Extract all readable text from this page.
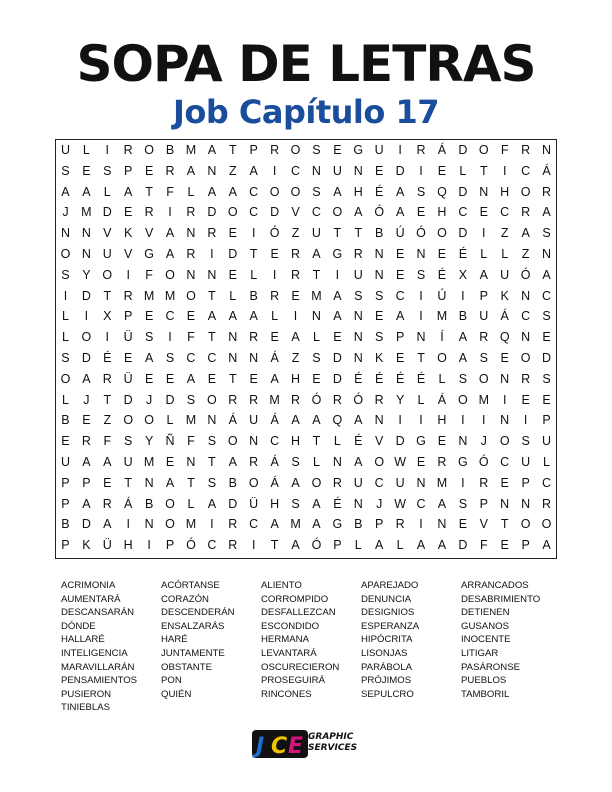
SOPA DE LETRAS
Job Capítulo 17
U	L	I	R O B M A	T	P R O S	E G U	I	R Á D O F	R N
S	E	S	P	E R A N	Z	A	I	C N U N E D	I	E	L	T	I	C Á
A	A	L	A	T	F	L	A	A C O O S	A H É	A	S Q D N H O R
J	M D E R	I	R D O C D V C O A Ó A	E H C E C R A
N N V	K	V	A N R E	I	Ó Z	U	T	T	B Ú Ó O D	I	Z	A	S
O N U V G A R	I	D	T	E R A G R N E N E	É	L	L	Z	N
S	Y O	I	F O N N E	L	I	R	T	I	U N E	S	É	X	A U Ó A
I	D	T	R M M O T	L	B R E M A	S	S C	I	Ú	I	P	K N C
L	I	X	P	E C E	A	A	A	L	I	N A N E	A	I	M B U Á C S
L	O	I	Ü S	I	F	T	N R E	A	L	E N S	P N	Í	A R Q N E
S D É	E	A	S C C N N Á	Z	S D N K	E	T O A	S	E O D
O A R Ü E	E	A	E	T	E	A H E D É	É	É	É	L	S O N R S
L	J	T	D	J	D S O R R M R Ó R Ó R Y	L	Á O M	I	E	E
B	E	Z O O	L M N Á U Á	A	A Q A N	I	I	H	I	I	N	I	P
E R	F	S	Y Ñ	F	S O N C H	T	L	É	V D G E N	J	O S U
U A	A U M E N	T	A R Á	S	L	N A O W E R G Ó C U	L
P	P	E	T	N A	T	S	B O Á	A O R U C U N M	I	R E	P C
P	A R Á	B O	L	A D Ü H S	A	É N	J W C A	S	P N N R
B D A	I	N O M	I	R C A M A G B	P R	I	N E	V	T O O
P	K Ü H	I	P Ó C R	I	T	A Ó P	L	A	L	A	A D	F	E	P	A
ACRIMONIA	ACÓRTANSE	ALIENTO	APAREJADO	ARRANCADOS
AUMENTARÁ	CORAZÓN	CORROMPIDO	DENUNCIA	DESABRIMIENTO
DESCANSARÁN	DESCENDERÁN	DESFALLEZCAN	DESIGNIOS	DETIENEN
DÓNDE	ENSALZARÁS	ESCONDIDO	ESPERANZA	GUSANOS
HALLARÉ	HARÉ	HERMANA	HIPÓCRITA	INOCENTE
INTELIGENCIA	JUNTAMENTE	LEVANTARÁ	LISONJAS	LITIGAR
MARAVILLARÁN	OBSTANTE	OSCURECIERON	PARÁBOLA	PASÁRONSE
PENSAMIENTOS	PON	PROSEGUIRÁ	PRÓJIMOS	PUEBLOS
PUSIERON	QUIÉN	RINCONES	SEPULCRO	TAMBORIL
TINIEBLAS
J C E GRAPHIC
SERVICES
